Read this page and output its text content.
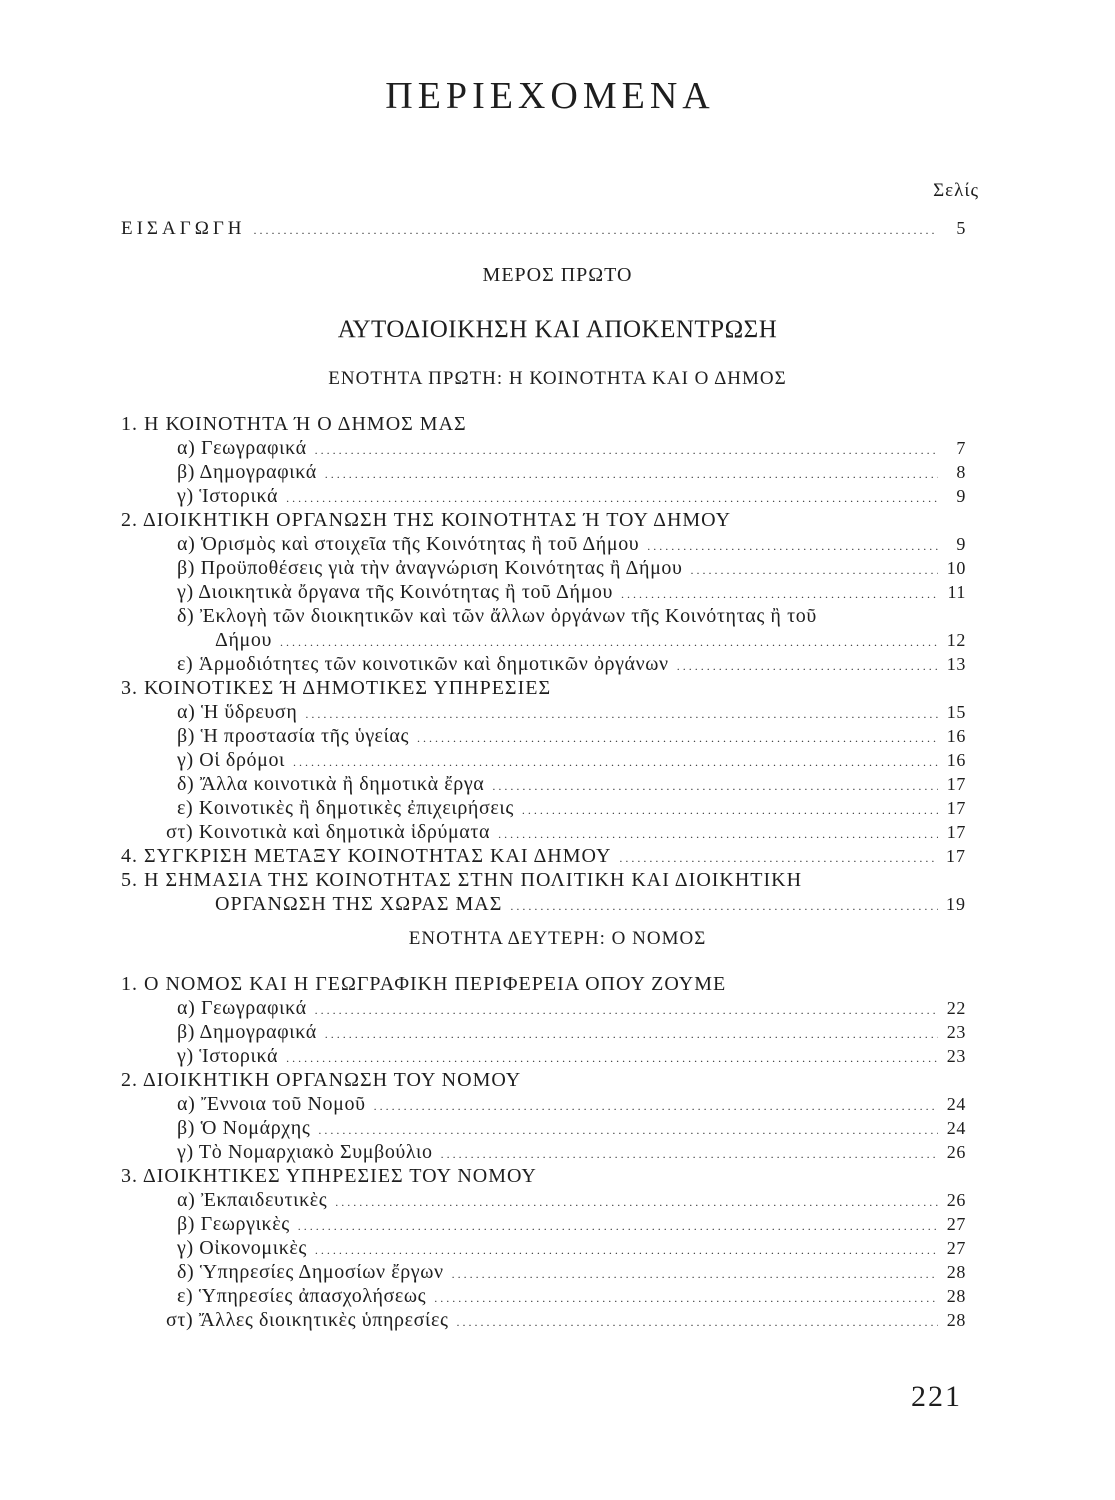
ΠΕΡΙΕΧΟΜΕΝΑ
Σελίς
ΕΙΣΑΓΩΓΗ .....	5
ΜΕΡΟΣ ΠΡΩΤΟ
ΑΥΤΟΔΙΟΙΚΗΣΗ ΚΑΙ ΑΠΟΚΕΝΤΡΩΣΗ
ΕΝΟΤΗΤΑ ΠΡΩΤΗ: Η ΚΟΙΝΟΤΗΤΑ ΚΑΙ Ο ΔΗΜΟΣ
1. Η ΚΟΙΝΟΤΗΤΑ Ή Ο ΔΗΜΟΣ ΜΑΣ
α) Γεωγραφικά .....	7
β) Δημογραφικά .....	8
γ) Ἱστορικά .....	9
2. ΔΙΟΙΚΗΤΙΚΗ ΟΡΓΑΝΩΣΗ ΤΗΣ ΚΟΙΝΟΤΗΤΑΣ Ή ΤΟΥ ΔΗΜΟΥ
α) Ὁρισμὸς καὶ στοιχεῖα τῆς Κοινότητας ἢ τοῦ Δήμου .....	9
β) Προϋποθέσεις γιὰ τὴν ἀναγνώριση Κοινότητας ἢ Δήμου .....	10
γ) Διοικητικὰ ὄργανα τῆς Κοινότητας ἢ τοῦ Δήμου .....	11
δ) Ἐκλογὴ τῶν διοικητικῶν καὶ τῶν ἄλλων ὀργάνων τῆς Κοινότητας ἢ τοῦ
Δήμου .....	12
ε) Ἁρμοδιότητες τῶν κοινοτικῶν καὶ δημοτικῶν ὀργάνων .....	13
3. ΚΟΙΝΟΤΙΚΕΣ Ή ΔΗΜΟΤΙΚΕΣ ΥΠΗΡΕΣΙΕΣ
α) Ἡ ὕδρευση .....	15
β) Ἡ προστασία τῆς ὑγείας .....	16
γ) Οἱ δρόμοι .....	16
δ) Ἄλλα κοινοτικὰ ἢ δημοτικὰ ἔργα .....	17
ε) Κοινοτικὲς ἢ δημοτικὲς ἐπιχειρήσεις .....	17
στ) Κοινοτικὰ καὶ δημοτικὰ ἱδρύματα .....	17
4. ΣΥΓΚΡΙΣΗ ΜΕΤΑΞΥ ΚΟΙΝΟΤΗΤΑΣ ΚΑΙ ΔΗΜΟΥ .....	17
5. Η ΣΗΜΑΣΙΑ ΤΗΣ ΚΟΙΝΟΤΗΤΑΣ ΣΤΗΝ ΠΟΛΙΤΙΚΗ ΚΑΙ ΔΙΟΙΚΗΤΙΚΗ
ΟΡΓΑΝΩΣΗ ΤΗΣ ΧΩΡΑΣ ΜΑΣ .....	19
ΕΝΟΤΗΤΑ ΔΕΥΤΕΡΗ: Ο ΝΟΜΟΣ
1. Ο ΝΟΜΟΣ ΚΑΙ Η ΓΕΩΓΡΑΦΙΚΗ ΠΕΡΙΦΕΡΕΙΑ ΟΠΟΥ ΖΟΥΜΕ
α) Γεωγραφικά .....	22
β) Δημογραφικά .....	23
γ) Ἱστορικά .....	23
2. ΔΙΟΙΚΗΤΙΚΗ ΟΡΓΑΝΩΣΗ ΤΟΥ ΝΟΜΟΥ
α) Ἔννοια τοῦ Νομοῦ .....	24
β) Ὁ Νομάρχης .....	24
γ) Τὸ Νομαρχιακὸ Συμβούλιο .....	26
3. ΔΙΟΙΚΗΤΙΚΕΣ ΥΠΗΡΕΣΙΕΣ ΤΟΥ ΝΟΜΟΥ
α) Ἐκπαιδευτικὲς .....	26
β) Γεωργικὲς .....	27
γ) Οἰκονομικὲς .....	27
δ) Ὑπηρεσίες Δημοσίων ἔργων .....	28
ε) Ὑπηρεσίες ἀπασχολήσεως .....	28
στ) Ἄλλες διοικητικὲς ὑπηρεσίες .....	28
221
